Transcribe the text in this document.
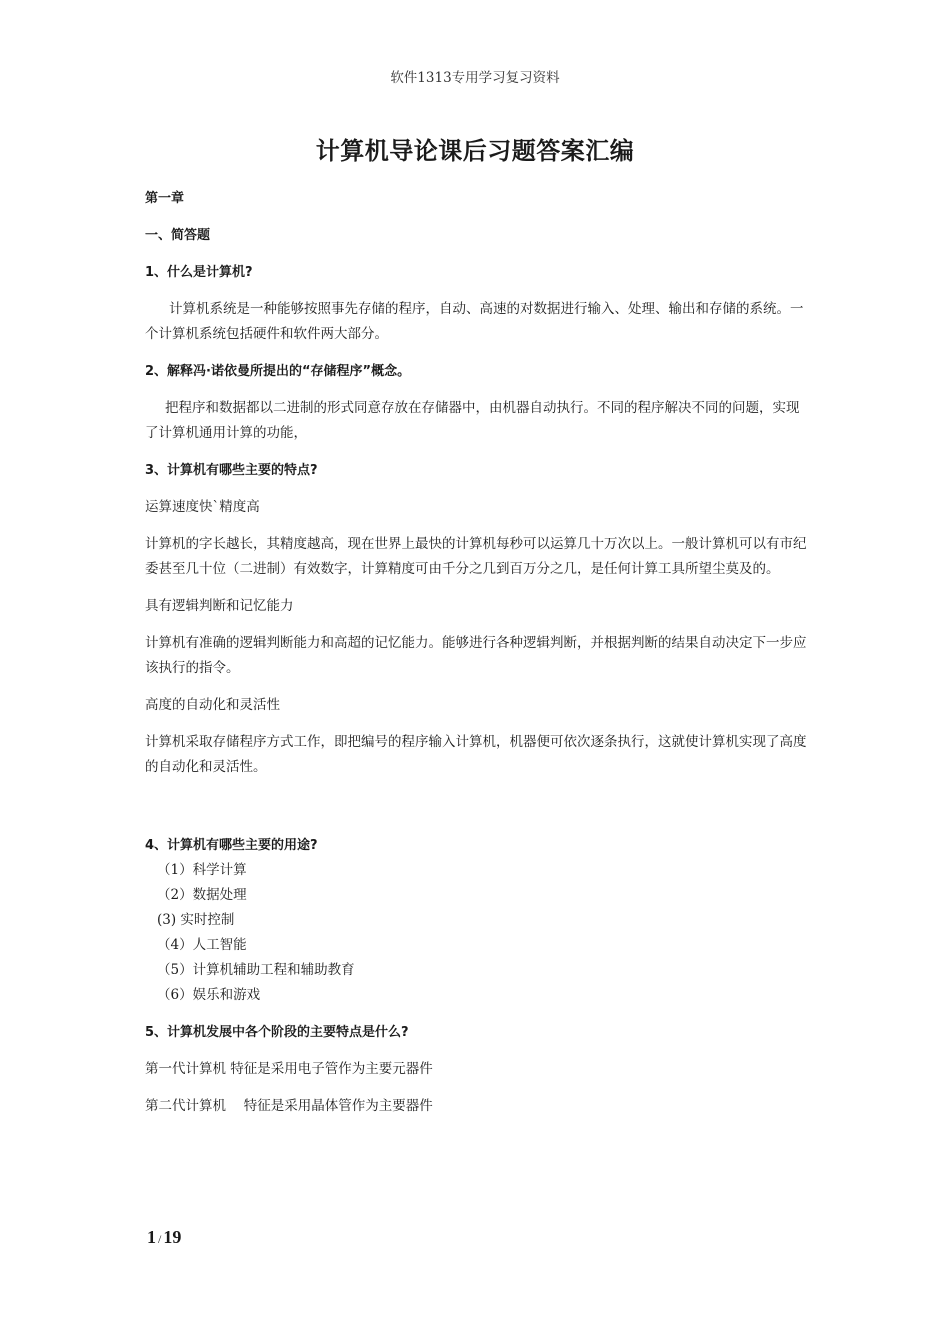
软件1313专用学习复习资料
计算机导论课后习题答案汇编

第一章

一、简答题

1、什么是计算机?

计算机系统是一种能够按照事先存储的程序，自动、高速的对数据进行输入、处理、输出和存储的系统。一个计算机系统包括硬件和软件两大部分。

2、解释冯·诺依曼所提出的“存储程序”概念。

把程序和数据都以二进制的形式同意存放在存储器中，由机器自动执行。不同的程序解决不同的问题，实现了计算机通用计算的功能，

3、计算机有哪些主要的特点?

运算速度快`精度高

计算机的字长越长，其精度越高，现在世界上最快的计算机每秒可以运算几十万次以上。一般计算机可以有市纪委甚至几十位（二进制）有效数字，计算精度可由千分之几到百万分之几，是任何计算工具所望尘莫及的。

具有逻辑判断和记忆能力

计算机有准确的逻辑判断能力和高超的记忆能力。能够进行各种逻辑判断，并根据判断的结果自动决定下一步应该执行的指令。

高度的自动化和灵活性

计算机采取存储程序方式工作，即把编号的程序输入计算机，机器便可依次逐条执行，这就使计算机实现了高度的自动化和灵活性。

4、计算机有哪些主要的用途?

（1）科学计算

（2）数据处理

(3) 实时控制

（4）人工智能

（5）计算机辅助工程和辅助教育

（6）娱乐和游戏

5、计算机发展中各个阶段的主要特点是什么?

第一代计算机 特征是采用电子管作为主要元器件

第二代计算机　 特征是采用晶体管作为主要器件

1 / 19
